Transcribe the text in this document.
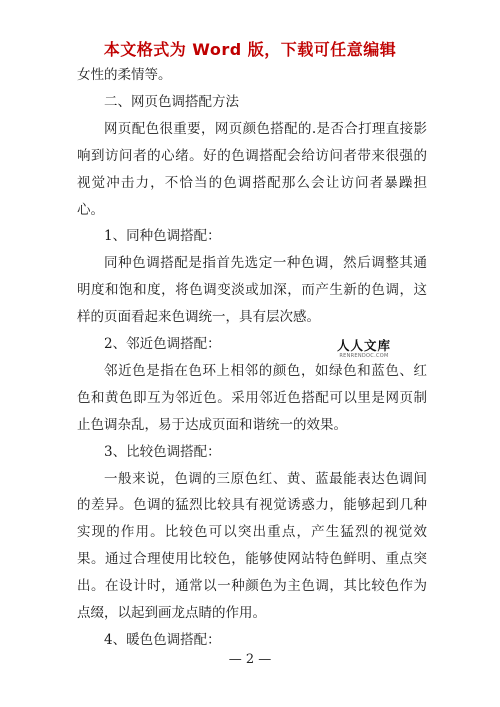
本文格式为 Word 版，下载可任意编辑
女性的柔情等。
二、网页色调搭配方法
网页配色很重要，网页颜色搭配的.是否合打理直接影
响到访问者的心绪。好的色调搭配会给访问者带来很强的
视觉冲击力，不恰当的色调搭配那么会让访问者暴躁担
心。
1、同种色调搭配：
同种色调搭配是指首先选定一种色调，然后调整其通
明度和饱和度，将色调变淡或加深，而产生新的色调，这
样的页面看起来色调统一，具有层次感。
2、邻近色调搭配：
邻近色是指在色环上相邻的颜色，如绿色和蓝色、红
色和黄色即互为邻近色。采用邻近色搭配可以里是网页制
止色调杂乱，易于达成页面和谐统一的效果。
3、比较色调搭配：
一般来说，色调的三原色红、黄、蓝最能表达色调间
的差异。色调的猛烈比较具有视觉诱惑力，能够起到几种
实现的作用。比较色可以突出重点，产生猛烈的视觉效
果。通过合理使用比较色，能够使网站特色鲜明、重点突
出。在设计时，通常以一种颜色为主色调，其比较色作为
点缀，以起到画龙点睛的作用。
人人文库
RENRENDOC.COM
— 2 —
4、暖色色调搭配：
